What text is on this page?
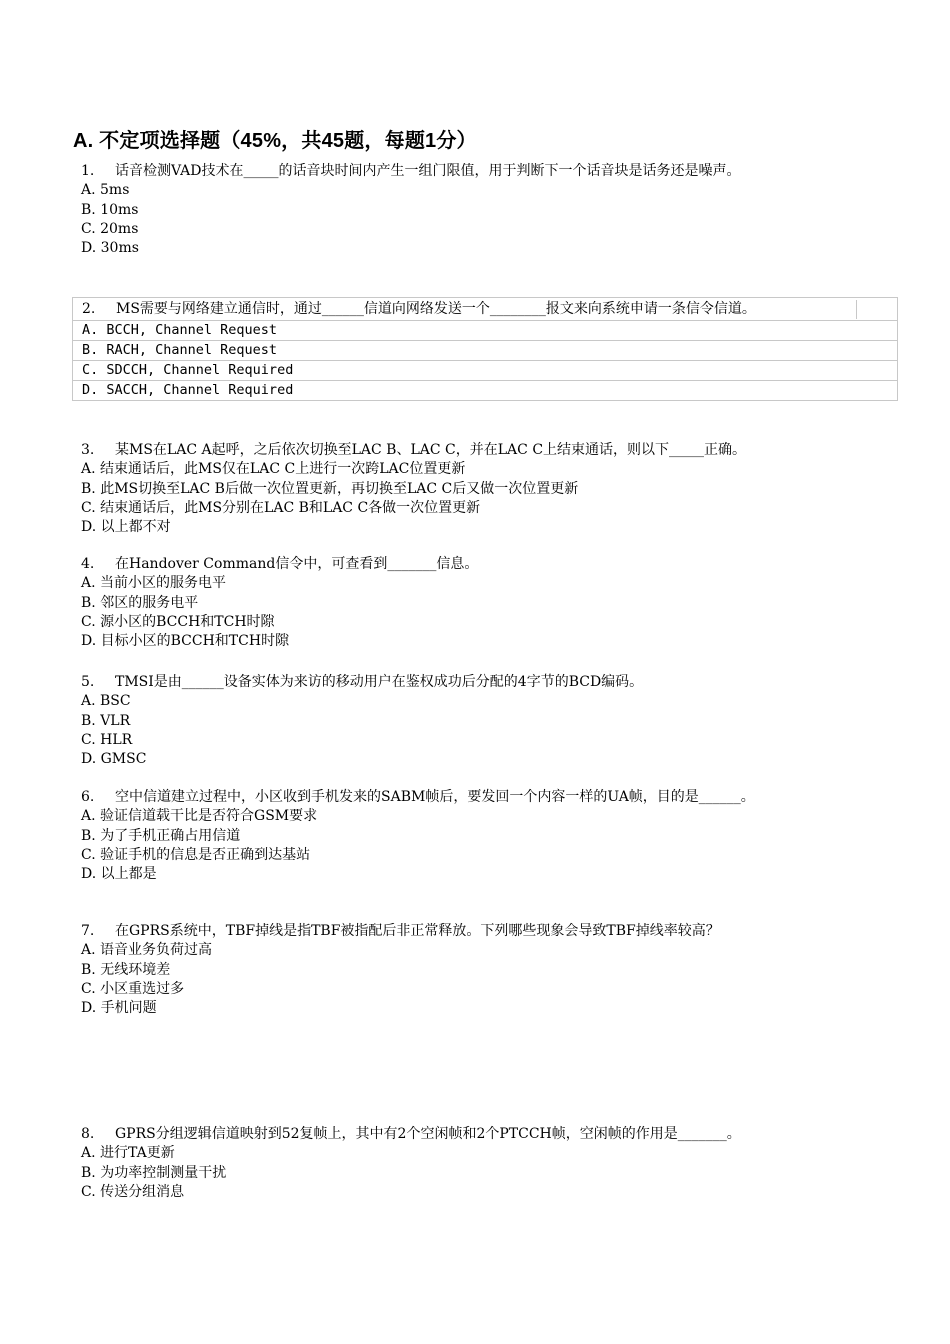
A. 不定项选择题（45%，共45题，每题1分）
1.	话音检测VAD技术在_____的话音块时间内产生一组门限值，用于判断下一个话音块是话务还是噪声。
A. 5ms
B. 10ms
C. 20ms
D. 30ms
2.	MS需要与网络建立通信时，通过______信道向网络发送一个________报文来向系统申请一条信令信道。
A. BCCH, Channel Request
B. RACH, Channel Request
C. SDCCH, Channel Required
D. SACCH, Channel Required
3.	某MS在LAC A起呼，之后依次切换至LAC B、LAC C，并在LAC C上结束通话，则以下_____正确。
A. 结束通话后，此MS仅在LAC C上进行一次跨LAC位置更新
B. 此MS切换至LAC B后做一次位置更新，再切换至LAC C后又做一次位置更新
C. 结束通话后，此MS分别在LAC B和LAC C各做一次位置更新
D. 以上都不对
4.	在Handover Command信令中，可查看到_______信息。
A. 当前小区的服务电平
B. 邻区的服务电平
C. 源小区的BCCH和TCH时隙
D. 目标小区的BCCH和TCH时隙
5.	TMSI是由______设备实体为来访的移动用户在鉴权成功后分配的4字节的BCD编码。
A. BSC
B. VLR
C. HLR
D. GMSC
6.	空中信道建立过程中，小区收到手机发来的SABM帧后，要发回一个内容一样的UA帧，目的是______。
A. 验证信道载干比是否符合GSM要求
B. 为了手机正确占用信道
C. 验证手机的信息是否正确到达基站
D. 以上都是
7.	在GPRS系统中，TBF掉线是指TBF被指配后非正常释放。下列哪些现象会导致TBF掉线率较高？
A. 语音业务负荷过高
B. 无线环境差
C. 小区重选过多
D. 手机问题
8.	GPRS分组逻辑信道映射到52复帧上，其中有2个空闲帧和2个PTCCH帧，空闲帧的作用是_______。
A. 进行TA更新
B. 为功率控制测量干扰
C. 传送分组消息
